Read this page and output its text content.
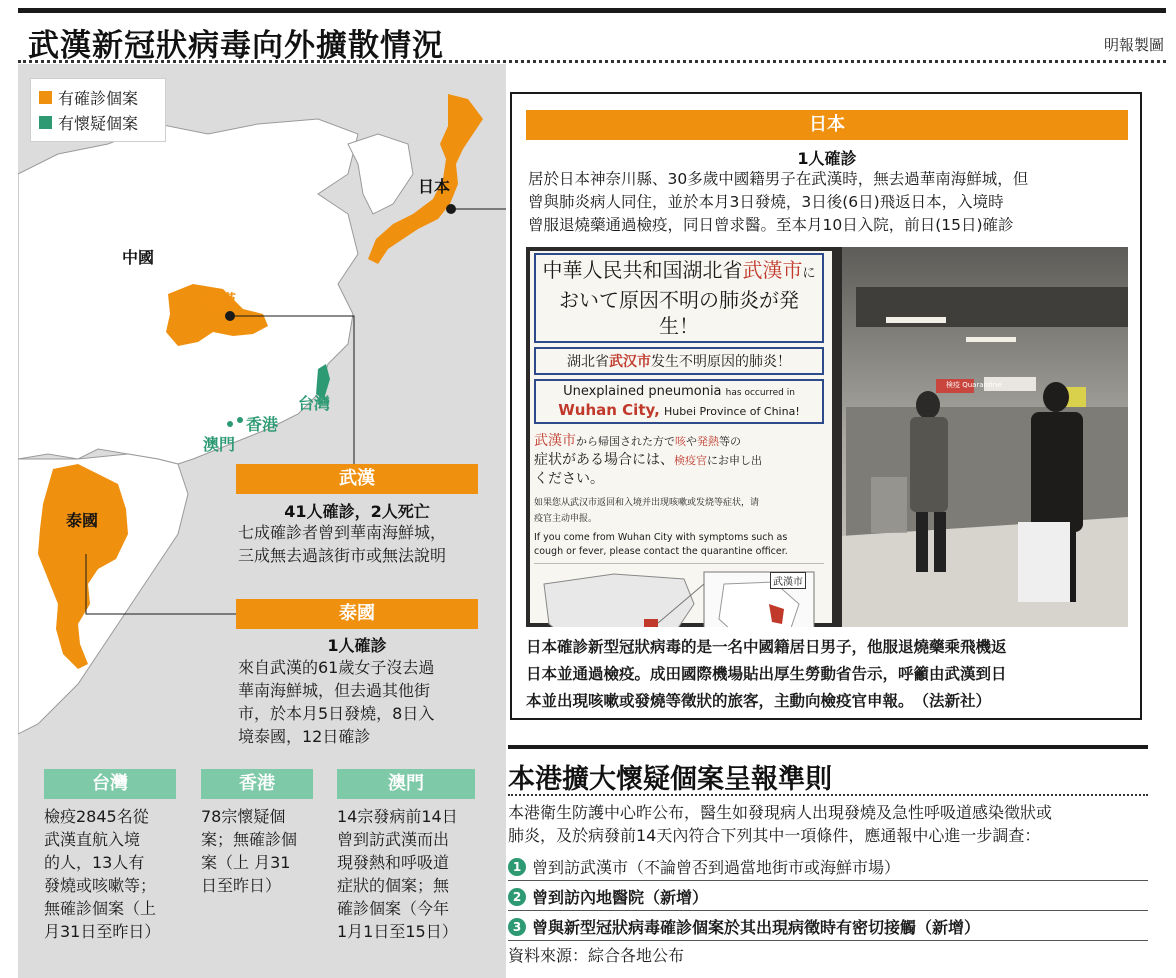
武漢新冠狀病毒向外擴散情況	明報製圖
有確診個案
有懷疑個案
日本
中國
武漢
台灣
香港
澳門
泰國
武漢
41人確診，2人死亡
七成確診者曾到華南海鮮城，
三成無去過該街市或無法說明
泰國
1人確診
來自武漢的61歲女子沒去過
華南海鮮城，但去過其他街
市，於本月5日發燒，8日入
境泰國，12日確診
日本
1人確診
居於日本神奈川縣、30多歲中國籍男子在武漢時，無去過華南海鮮城，但
曾與肺炎病人同住，並於本月3日發燒，3日後(6日)飛返日本，入境時
曾服退燒藥通過檢疫，同日曾求醫。至本月10日入院，前日(15日)確診
中華人民共和国湖北省武漢市に
おいて原因不明の肺炎が発生！
湖北省武汉市发生不明原因的肺炎！
Unexplained pneumonia has occurred in
Wuhan City, Hubei Province of China!
武漢市から帰国された方で咳や発熱等の
症状がある場合には、検疫官にお申し出
ください。
如果您从武汉市返回和入境并出现咳嗽或发烧等症状，请
疫官主动申报。
If you come from Wuhan City with symptoms such as
cough or fever, please contact the quarantine officer.
武漢市
検疫 Quarantine
日本確診新型冠狀病毒的是一名中國籍居日男子，他服退燒藥乘飛機返
日本並通過檢疫。成田國際機場貼出厚生勞動省告示，呼籲由武漢到日
本並出現咳嗽或發燒等徵狀的旅客，主動向檢疫官申報。　（法新社）
本港擴大懷疑個案呈報準則
本港衛生防護中心昨公布，醫生如發現病人出現發燒及急性呼吸道感染徵狀或
肺炎，及於病發前14天內符合下列其中一項條件，應通報中心進一步調查：
1 曾到訪武漢市（不論曾否到過當地街市或海鮮市場）
2 曾到訪內地醫院（新增）
3 曾與新型冠狀病毒確診個案於其出現病徵時有密切接觸（新增）
資料來源：綜合各地公布
台灣
檢疫2845名從
武漢直航入境
的人，13人有
發燒或咳嗽等；
無確診個案（上
月31日至昨日）
香港
78宗懷疑個
案；無確診個
案（上 月31
日至昨日）
澳門
14宗發病前14日
曾到訪武漢而出
現發熱和呼吸道
症狀的個案；無
確診個案（今年
1月1日至15日）
